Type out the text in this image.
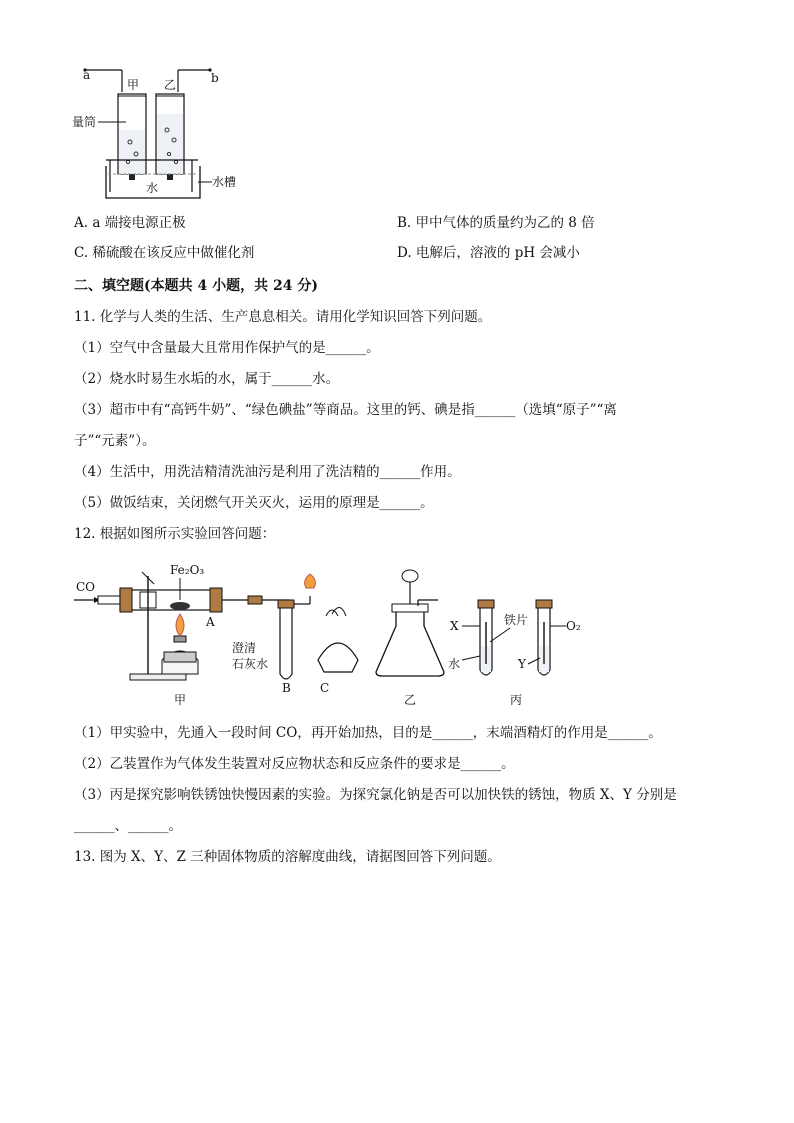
a	b
甲 乙
量筒
水槽
水
A. a 端接电源正极	B. 甲中气体的质量约为乙的 8 倍
C. 稀硫酸在该反应中做催化剂	D. 电解后，溶液的 pH 会减小
二、填空题(本题共 4 小题，共 24 分)
11. 化学与人类的生活、生产息息相关。请用化学知识回答下列问题。
（1）空气中含量最大且常用作保护气的是______。
（2）烧水时易生水垢的水，属于______水。
（3）超市中有“高钙牛奶”、“绿色碘盐”等商品。这里的钙、碘是指______（选填“原子”“离
子”“元素”）。
（4）生活中，用洗洁精清洗油污是利用了洗洁精的______作用。
（5）做饭结束，关闭燃气开关灭火，运用的原理是______。
12. 根据如图所示实验回答问题：
CO
Fe₂O₃
A
澄清
石灰水
B C
甲	乙
X
水
铁片
Y
O₂
丙
（1）甲实验中，先通入一段时间 CO，再开始加热，目的是______，末端酒精灯的作用是______。
（2）乙装置作为气体发生装置对反应物状态和反应条件的要求是______。
（3）丙是探究影响铁锈蚀快慢因素的实验。为探究氯化钠是否可以加快铁的锈蚀，物质 X、Y 分别是
______、______。
13. 图为 X、Y、Z 三种固体物质的溶解度曲线，请据图回答下列问题。
